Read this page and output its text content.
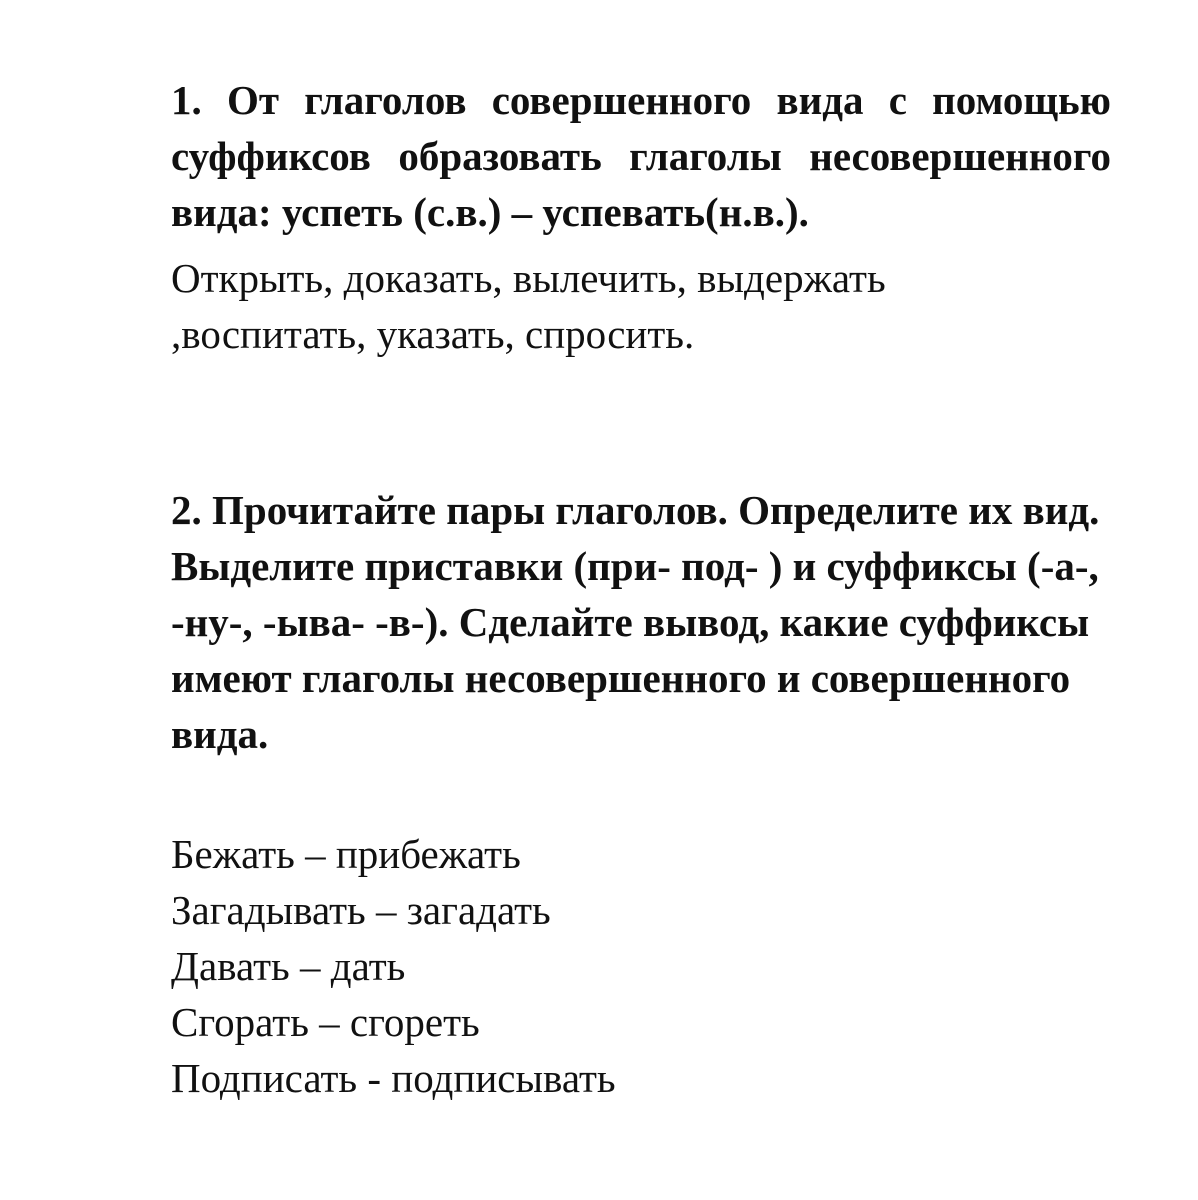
1. От глаголов совершенного вида с помощью суффиксов образовать глаголы несовершенного вида: успеть (с.в.) – успевать(н.в.).

Открыть, доказать, вылечить, выдержать
,воспитать, указать, спросить.

2. Прочитайте пары глаголов. Определите их вид. Выделите приставки (при- под- ) и суффиксы (-а-, -ну-, -ыва- -в-). Сделайте вывод, какие суффиксы имеют глаголы несовершенного и совершенного вида.

Бежать – прибежать
Загадывать – загадать
Давать – дать
Сгорать – сгореть
Подписать - подписывать
